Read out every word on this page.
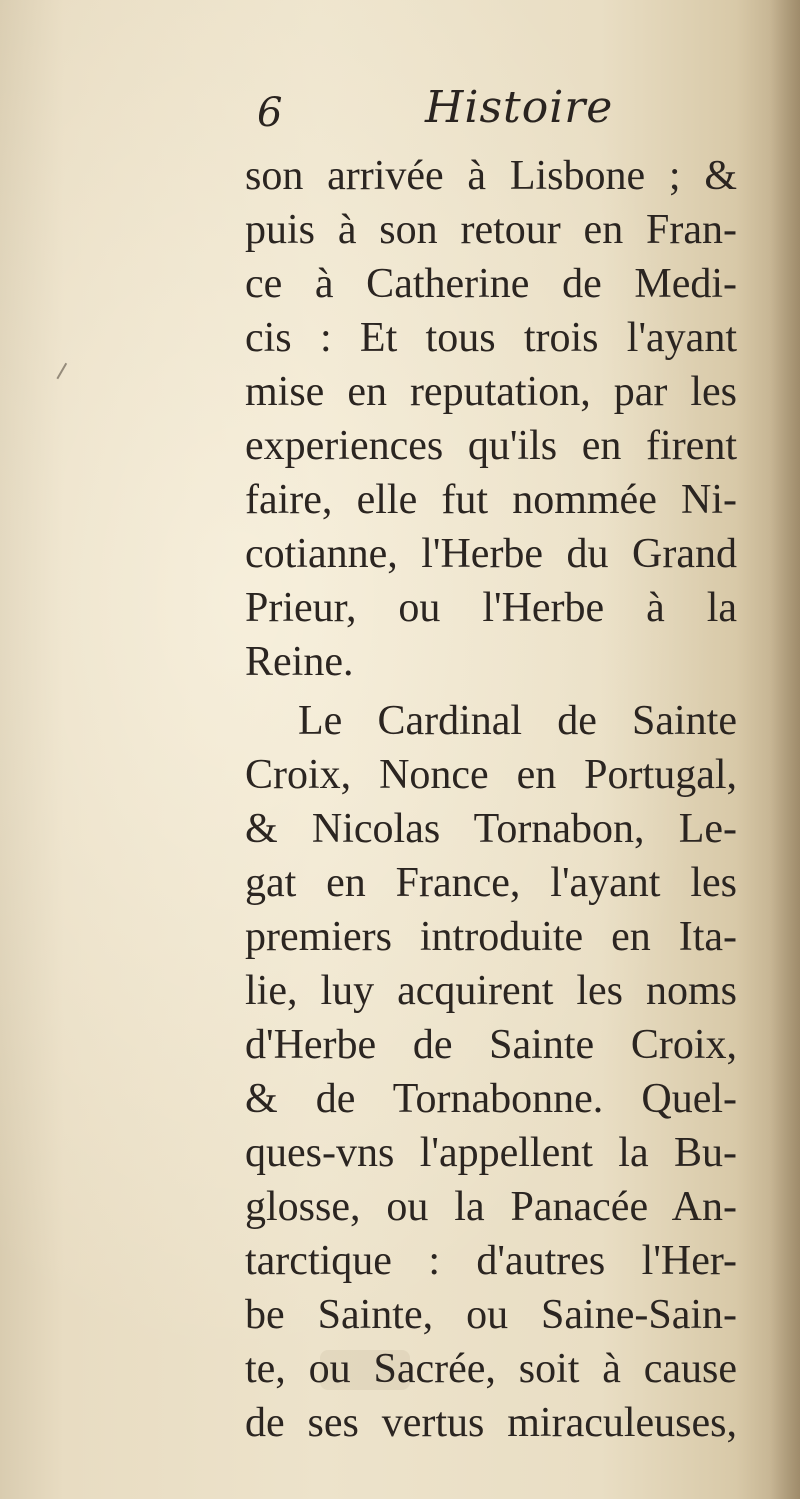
6	Histoire
son arrivée à Lisbone ; &
puis à son retour en Fran-
ce à Catherine de Medi-
cis : Et tous trois l'ayant
mise en reputation, par les
experiences qu'ils en firent
faire, elle fut nommée Ni-
cotianne, l'Herbe du Grand
Prieur, ou l'Herbe à la
Reine.
Le Cardinal de Sainte
Croix, Nonce en Portugal,
& Nicolas Tornabon, Le-
gat en France, l'ayant les
premiers introduite en Ita-
lie, luy acquirent les noms
d'Herbe de Sainte Croix,
& de Tornabonne. Quel-
ques-vns l'appellent la Bu-
glosse, ou la Panacée An-
tarctique : d'autres l'Her-
be Sainte, ou Saine-Sain-
te, ou Sacrée, soit à cause
de ses vertus miraculeuses,
